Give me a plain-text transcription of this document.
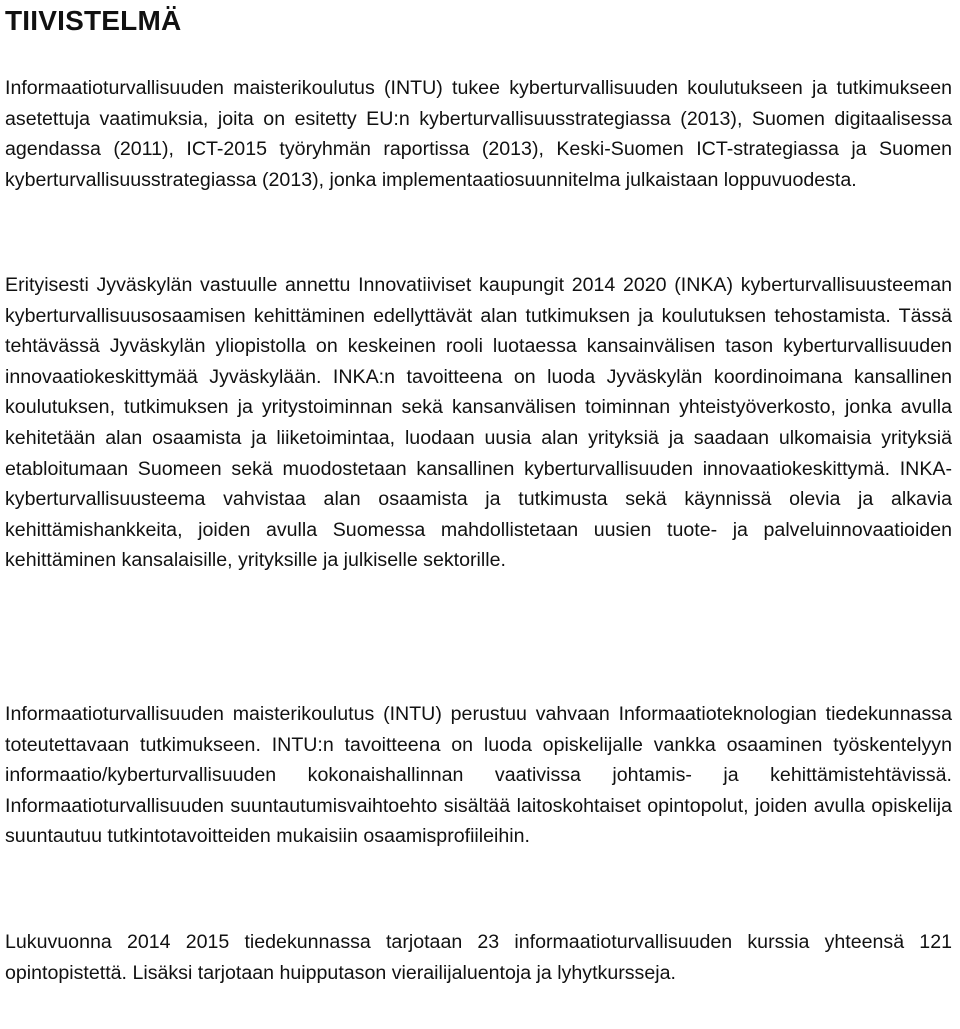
TIIVISTELMÄ

Informaatioturvallisuuden maisterikoulutus (INTU) tukee kyberturvallisuuden koulutukseen ja tutkimukseen asetettuja vaatimuksia, joita on esitetty EU:n kyberturvallisuusstrategiassa (2013), Suomen digitaalisessa agendassa (2011), ICT-2015 työryhmän raportissa (2013), Keski-Suomen ICT-strategiassa ja Suomen kyberturvallisuusstrategiassa (2013), jonka implementaatiosuunnitelma julkaistaan loppuvuodesta.

Erityisesti Jyväskylän vastuulle annettu Innovatiiviset kaupungit 2014 2020 (INKA) kyberturvallisuusteeman kyberturvallisuusosaamisen kehittäminen edellyttävät alan tutkimuksen ja koulutuksen tehostamista. Tässä tehtävässä Jyväskylän yliopistolla on keskeinen rooli luotaessa kansainvälisen tason kyberturvallisuuden innovaatiokeskittymää Jyväskylään. INKA:n tavoitteena on luoda Jyväskylän koordinoimana kansallinen koulutuksen, tutkimuksen ja yritystoiminnan sekä kansanvälisen toiminnan yhteistyöverkosto, jonka avulla kehitetään alan osaamista ja liiketoimintaa, luodaan uusia alan yrityksiä ja saadaan ulkomaisia yrityksiä etabloitumaan Suomeen sekä muodostetaan kansallinen kyberturvallisuuden innovaatiokeskittymä. INKA-kyberturvallisuusteema vahvistaa alan osaamista ja tutkimusta sekä käynnissä olevia ja alkavia kehittämishankkeita, joiden avulla Suomessa mahdollistetaan uusien tuote- ja palveluinnovaatioiden kehittäminen kansalaisille, yrityksille ja julkiselle sektorille.

Informaatioturvallisuuden maisterikoulutus (INTU) perustuu vahvaan Informaatioteknologian tiedekunnassa toteutettavaan tutkimukseen. INTU:n tavoitteena on luoda opiskelijalle vankka osaaminen työskentelyyn informaatio/kyberturvallisuuden kokonaishallinnan vaativissa johtamis- ja kehittämistehtävissä. Informaatioturvallisuuden suuntautumisvaihtoehto sisältää laitoskohtaiset opintopolut, joiden avulla opiskelija suuntautuu tutkintotavoitteiden mukaisiin osaamisprofiileihin.

Lukuvuonna 2014 2015 tiedekunnassa tarjotaan 23 informaatioturvallisuuden kurssia yhteensä 121 opintopistettä. Lisäksi tarjotaan huipputason vierailijaluentoja ja lyhytkursseja.
